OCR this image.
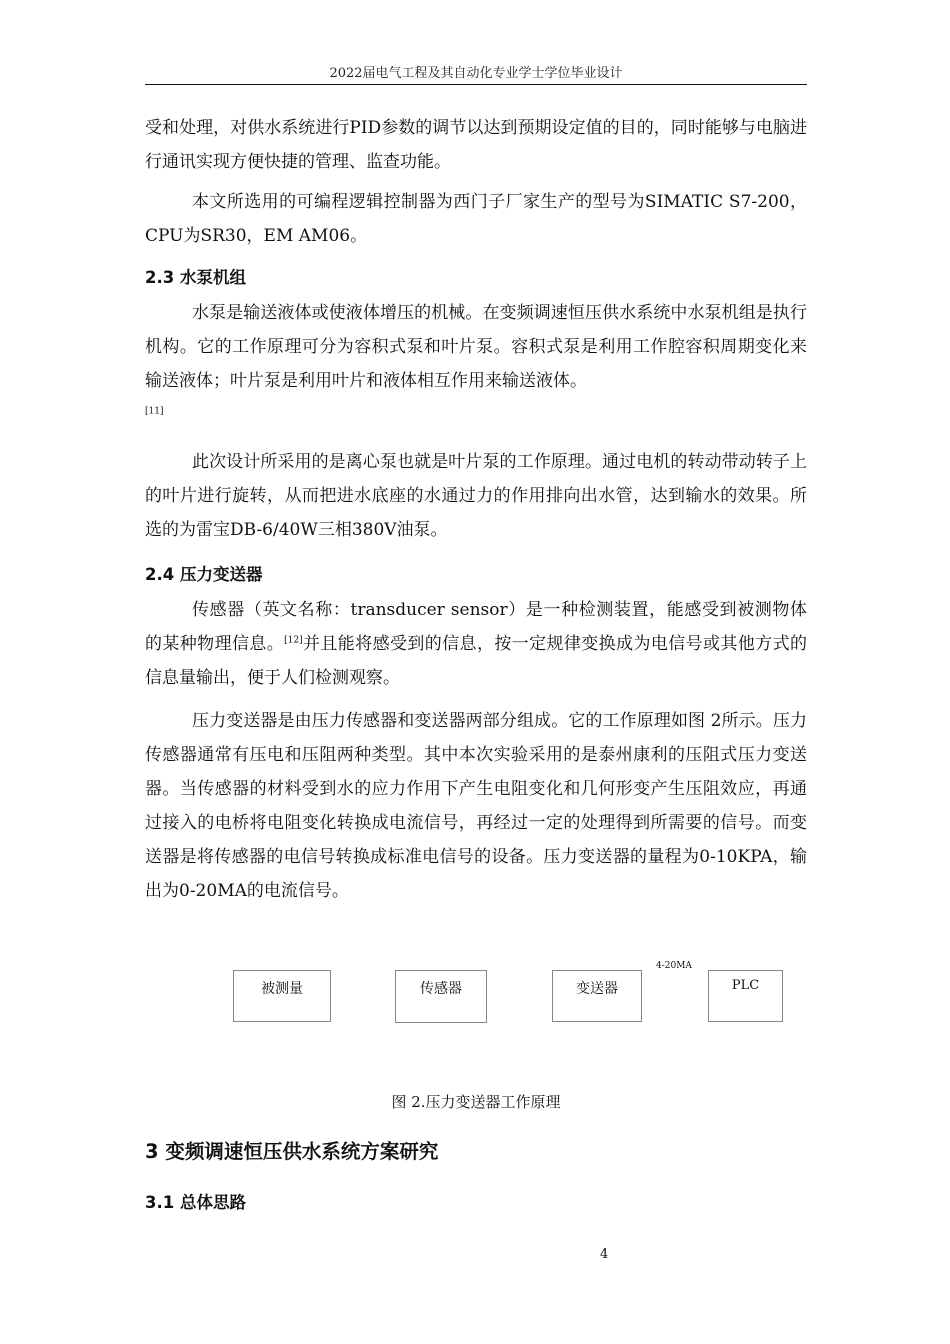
2022届电气工程及其自动化专业学士学位毕业设计

受和处理，对供水系统进行PID参数的调节以达到预期设定值的目的，同时能够与电脑进行通讯实现方便快捷的管理、监查功能。

本文所选用的可编程逻辑控制器为西门子厂家生产的型号为SIMATIC S7-200，CPU为SR30，EM AM06。

2.3 水泵机组

水泵是输送液体或使液体增压的机械。在变频调速恒压供水系统中水泵机组是执行机构。它的工作原理可分为容积式泵和叶片泵。容积式泵是利用工作腔容积周期变化来输送液体；叶片泵是利用叶片和液体相互作用来输送液体。
[11]

此次设计所采用的是离心泵也就是叶片泵的工作原理。通过电机的转动带动转子上的叶片进行旋转，从而把进水底座的水通过力的作用排向出水管，达到输水的效果。所选的为雷宝DB-6/40W三相380V油泵。

2.4 压力变送器

传感器（英文名称：transducer sensor）是一种检测装置，能感受到被测物体的某种物理信息。[12]并且能将感受到的信息，按一定规律变换成为电信号或其他方式的信息量输出，便于人们检测观察。

压力变送器是由压力传感器和变送器两部分组成。它的工作原理如图 2所示。压力传感器通常有压电和压阻两种类型。其中本次实验采用的是泰州康利的压阻式压力变送器。当传感器的材料受到水的应力作用下产生电阻变化和几何形变产生压阻效应，再通过接入的电桥将电阻变化转换成电流信号，再经过一定的处理得到所需要的信号。而变送器是将传感器的电信号转换成标准电信号的设备。压力变送器的量程为0-10KPA，输出为0-20MA的电流信号。

被测量	传感器	变送器
4-20MA
PLC
图 2.压力变送器工作原理
3 变频调速恒压供水系统方案研究
3.1 总体思路
4
